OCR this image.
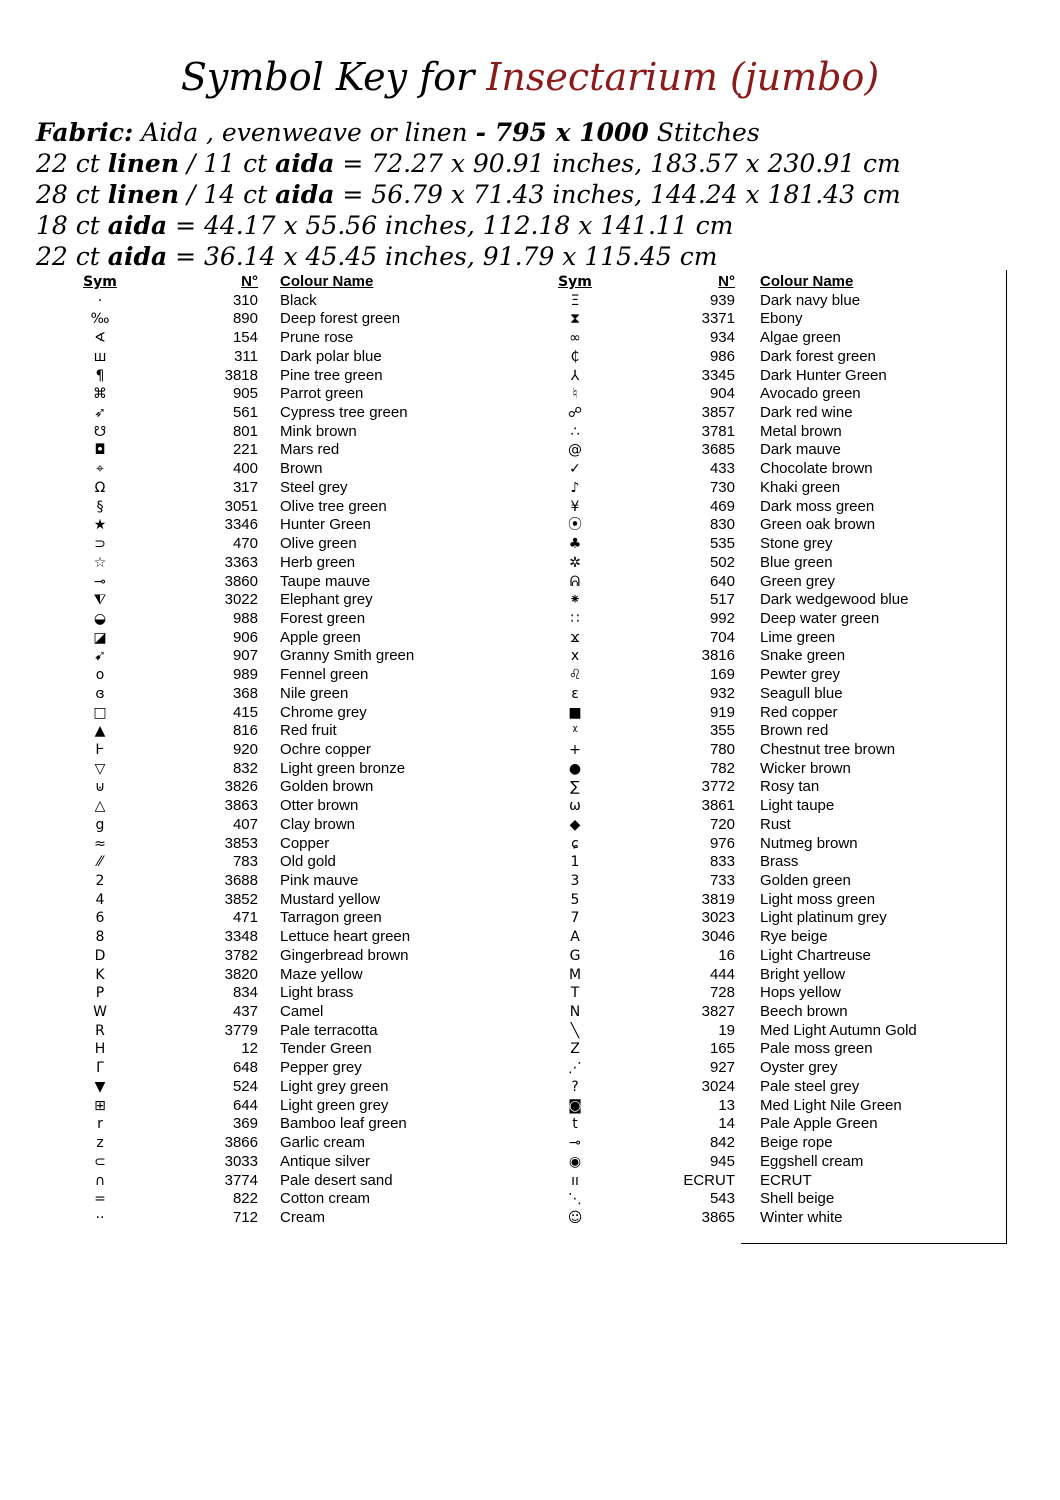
Symbol Key for Insectarium (jumbo)
Fabric: Aida , evenweave or linen - 795 x 1000 Stitches
22 ct linen / 11 ct aida = 72.27 x 90.91 inches, 183.57 x 230.91 cm
28 ct linen / 14 ct aida = 56.79 x 71.43 inches, 144.24 x 181.43 cm
18 ct aida = 44.17 x 55.56 inches, 112.18 x 141.11 cm
22 ct aida = 36.14 x 45.45 inches, 91.79 x 115.45 cm
Sym	N° Colour Name
·	310 Black
‰	890 Deep forest green
∢	154 Prune rose
ш	311 Dark polar blue
¶	3818 Pine tree green
⌘	905 Parrot green
➶	561 Cypress tree green
☋	801 Mink brown
◘	221 Mars red
⌖	400 Brown
Ω	317 Steel grey
§	3051 Olive tree green
★	3346 Hunter Green
⊃	470 Olive green
☆	3363 Herb green
⊸	3860 Taupe mauve
⧨	3022 Elephant grey
◒	988 Forest green
◪	906 Apple green
➹	907 Granny Smith green
o	989 Fennel green
ɞ	368 Nile green
□	415 Chrome grey
▲	816 Red fruit
Ⱶ	920 Ochre copper
▽	832 Light green bronze
⊍	3826 Golden brown
△	3863 Otter brown
g	407 Clay brown
≈	3853 Copper
⁄⁄	783 Old gold
2	3688 Pink mauve
4	3852 Mustard yellow
6	471 Tarragon green
8	3348 Lettuce heart green
D	3782 Gingerbread brown
K	3820 Maze yellow
P	834 Light brass
W	437 Camel
R	3779 Pale terracotta
H	12 Tender Green
Γ	648 Pepper grey
▼	524 Light grey green
⊞	644 Light green grey
r	369 Bamboo leaf green
z	3866 Garlic cream
⊂	3033 Antique silver
∩	3774 Pale desert sand
=	822 Cotton cream
··	712 Cream
Sym	N° Colour Name
Ξ	939 Dark navy blue
⧗	3371 Ebony
∞	934 Algae green
₵	986 Dark forest green
⅄	3345 Dark Hunter Green
♮	904 Avocado green
☍	3857 Dark red wine
∴	3781 Metal brown
@	3685 Dark mauve
✓	433 Chocolate brown
♪	730 Khaki green
¥	469 Dark moss green
⦿	830 Green oak brown
♣	535 Stone grey
✲	502 Blue green
ᕱ	640 Green grey
⁕	517 Dark wedgewood blue
∷	992 Deep water green
ϫ	704 Lime green
x	3816 Snake green
♌	169 Pewter grey
ε	932 Seagull blue
■	919 Red copper
ᵡ	355 Brown red
+	780 Chestnut tree brown
●	782 Wicker brown
∑	3772 Rosy tan
ω	3861 Light taupe
◆	720 Rust
ɕ	976 Nutmeg brown
1	833 Brass
3	733 Golden green
5	3819 Light moss green
7	3023 Light platinum grey
A	3046 Rye beige
G	16 Light Chartreuse
M	444 Bright yellow
T	728 Hops yellow
N	3827 Beech brown
╲	19 Med Light Autumn Gold
Z	165 Pale moss green
⋰	927 Oyster grey
?	3024 Pale steel grey
◙	13 Med Light Nile Green
t	14 Pale Apple Green
⊸	842 Beige rope
◉	945 Eggshell cream
ıı	ECRUT ECRUT
⋱	543 Shell beige
☺	3865 Winter white
